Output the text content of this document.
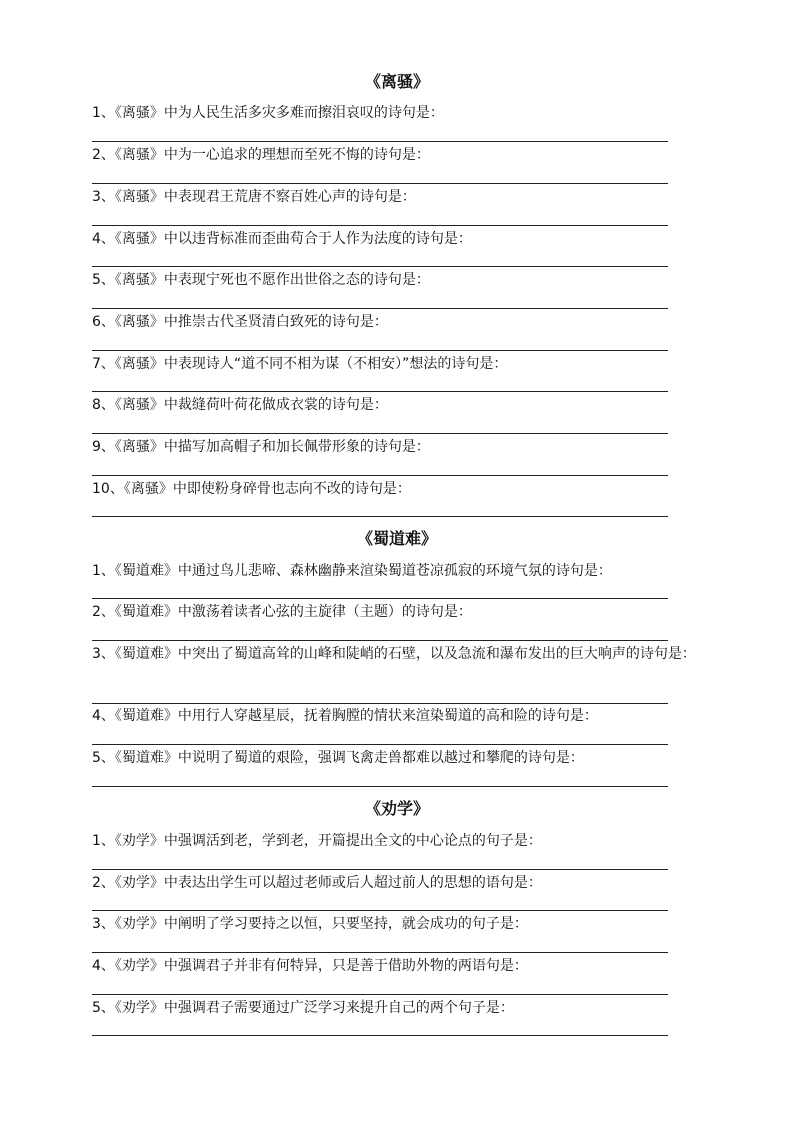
《离骚》
1、《离骚》中为人民生活多灾多难而擦泪哀叹的诗句是：
2、《离骚》中为一心追求的理想而至死不悔的诗句是：
3、《离骚》中表现君王荒唐不察百姓心声的诗句是：
4、《离骚》中以违背标准而歪曲苟合于人作为法度的诗句是：
5、《离骚》中表现宁死也不愿作出世俗之态的诗句是：
6、《离骚》中推崇古代圣贤清白致死的诗句是：
7、《离骚》中表现诗人“道不同不相为谋（不相安）”想法的诗句是：
8、《离骚》中裁缝荷叶荷花做成衣裳的诗句是：
9、《离骚》中描写加高帽子和加长佩带形象的诗句是：
10、《离骚》中即使粉身碎骨也志向不改的诗句是：
《蜀道难》
1、《蜀道难》中通过鸟儿悲啼、森林幽静来渲染蜀道苍凉孤寂的环境气氛的诗句是：
2、《蜀道难》中激荡着读者心弦的主旋律（主题）的诗句是：
3、《蜀道难》中突出了蜀道高耸的山峰和陡峭的石壁，以及急流和瀑布发出的巨大响声的诗句是：
4、《蜀道难》中用行人穿越星辰，抚着胸膛的情状来渲染蜀道的高和险的诗句是：
5、《蜀道难》中说明了蜀道的艰险，强调飞禽走兽都难以越过和攀爬的诗句是：
《劝学》
1、《劝学》中强调活到老，学到老，开篇提出全文的中心论点的句子是：
2、《劝学》中表达出学生可以超过老师或后人超过前人的思想的语句是：
3、《劝学》中阐明了学习要持之以恒，只要坚持，就会成功的句子是：
4、《劝学》中强调君子并非有何特异，只是善于借助外物的两语句是：
5、《劝学》中强调君子需要通过广泛学习来提升自己的两个句子是：
